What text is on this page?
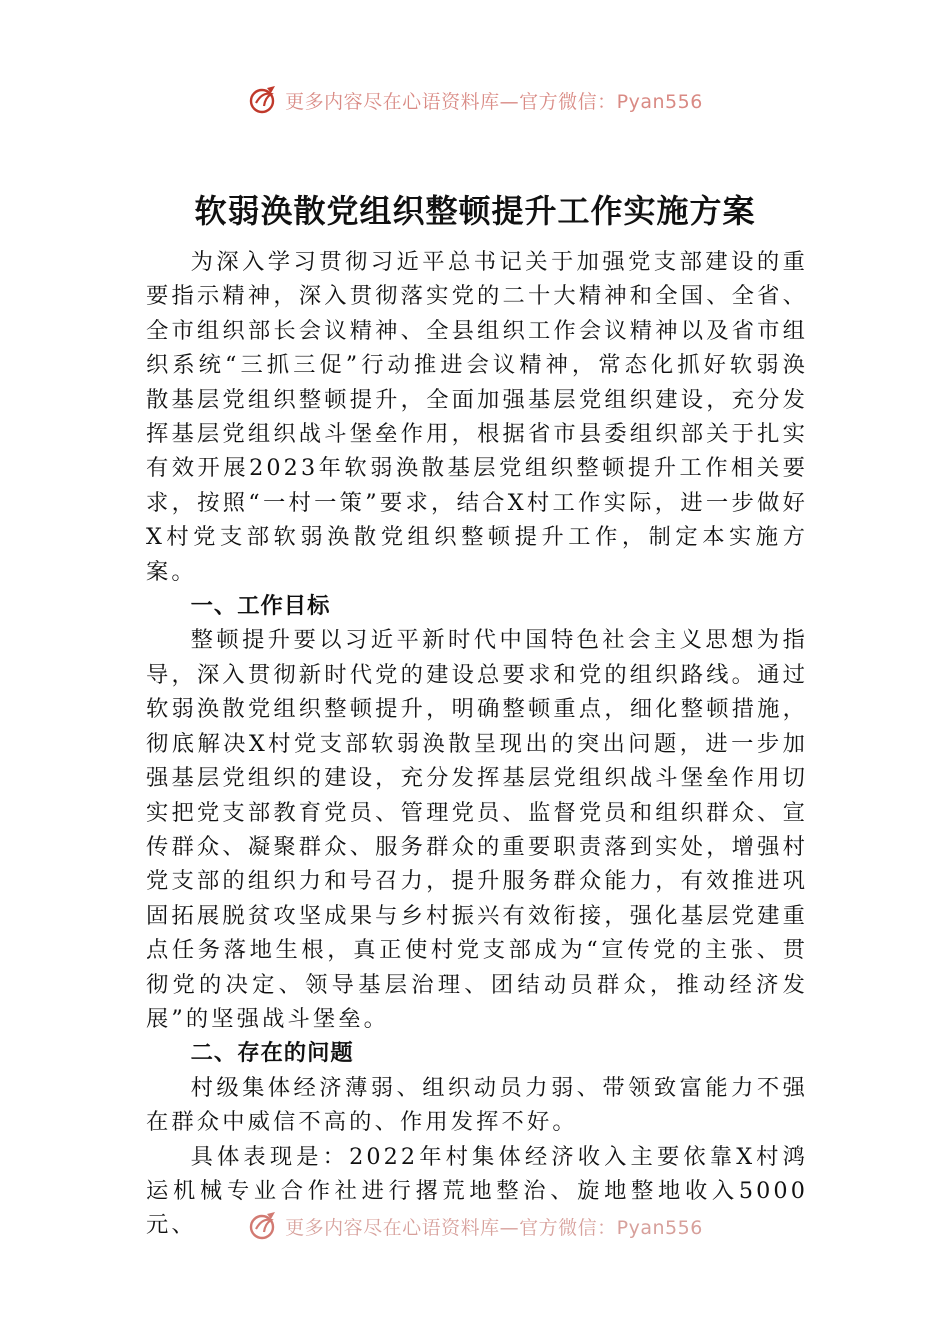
更多内容尽在心语资料库—官方微信：Pyan556
软弱涣散党组织整顿提升工作实施方案

为深入学习贯彻习近平总书记关于加强党支部建设的重要指示精神，深入贯彻落实党的二十大精神和全国、全省、全市组织部长会议精神、全县组织工作会议精神以及省市组织系统“三抓三促”行动推进会议精神，常态化抓好软弱涣散基层党组织整顿提升，全面加强基层党组织建设，充分发挥基层党组织战斗堡垒作用，根据省市县委组织部关于扎实有效开展2023年软弱涣散基层党组织整顿提升工作相关要求，按照“一村一策”要求，结合X村工作实际，进一步做好X村党支部软弱涣散党组织整顿提升工作，制定本实施方案。

一、工作目标

整顿提升要以习近平新时代中国特色社会主义思想为指导，深入贯彻新时代党的建设总要求和党的组织路线。通过软弱涣散党组织整顿提升，明确整顿重点，细化整顿措施，彻底解决X村党支部软弱涣散呈现出的突出问题，进一步加强基层党组织的建设，充分发挥基层党组织战斗堡垒作用切实把党支部教育党员、管理党员、监督党员和组织群众、宣传群众、凝聚群众、服务群众的重要职责落到实处，增强村党支部的组织力和号召力，提升服务群众能力，有效推进巩固拓展脱贫攻坚成果与乡村振兴有效衔接，强化基层党建重点任务落地生根，真正使村党支部成为“宣传党的主张、贯彻党的决定、领导基层治理、团结动员群众，推动经济发展”的坚强战斗堡垒。

二、存在的问题

村级集体经济薄弱、组织动员力弱、带领致富能力不强在群众中威信不高的、作用发挥不好。

具体表现是：2022年村集体经济收入主要依靠X村鸿运机械专业合作社进行撂荒地整治、旋地整地收入5000元、	更多内容尽在心语资料库—官方微信：Pyan556
